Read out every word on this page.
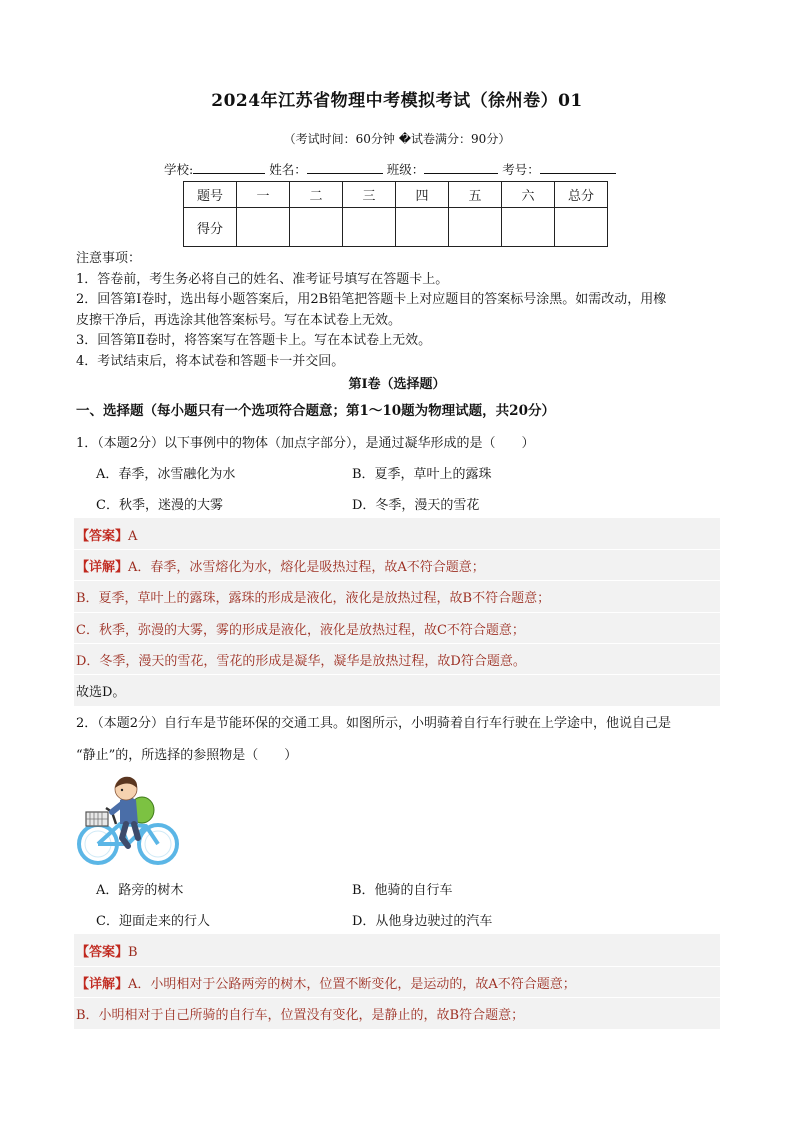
2024年江苏省物理中考模拟考试（徐州卷）01
（考试时间：60分钟 �试卷满分：90分）
学校:	姓名：	班级：	考号：
题号	一	二	三	四	五	六	总分
得分							
注意事项：
1．答卷前，考生务必将自己的姓名、准考证号填写在答题卡上。
2．回答第Ⅰ卷时，选出每小题答案后，用2B铅笔把答题卡上对应题目的答案标号涂黑。如需改动，用橡
皮擦干净后，再选涂其他答案标号。写在本试卷上无效。
3．回答第Ⅱ卷时，将答案写在答题卡上。写在本试卷上无效。
4．考试结束后，将本试卷和答题卡一并交回。
第Ⅰ卷（选择题）
一、选择题（每小题只有一个选项符合题意；第1～10题为物理试题，共20分）
1．（本题2分）以下事例中的物体（加点字部分），是通过凝华形成的是（　　）
A．春季，冰雪融化为水	B．夏季，草叶上的露珠
C．秋季，迷漫的大雾	D．冬季，漫天的雪花
【答案】A
【详解】A．春季，冰雪熔化为水，熔化是吸热过程，故A不符合题意；
B．夏季，草叶上的露珠，露珠的形成是液化，液化是放热过程，故B不符合题意；
C．秋季，弥漫的大雾，雾的形成是液化，液化是放热过程，故C不符合题意；
D．冬季，漫天的雪花，雪花的形成是凝华，凝华是放热过程，故D符合题意。
故选D。
2．（本题2分）自行车是节能环保的交通工具。如图所示，小明骑着自行车行驶在上学途中，他说自己是
“静止”的，所选择的参照物是（　　）
A．路旁的树木	B．他骑的自行车
C．迎面走来的行人	D．从他身边驶过的汽车
【答案】B
【详解】A．小明相对于公路两旁的树木，位置不断变化，是运动的，故A不符合题意；
B．小明相对于自己所骑的自行车，位置没有变化，是静止的，故B符合题意；
